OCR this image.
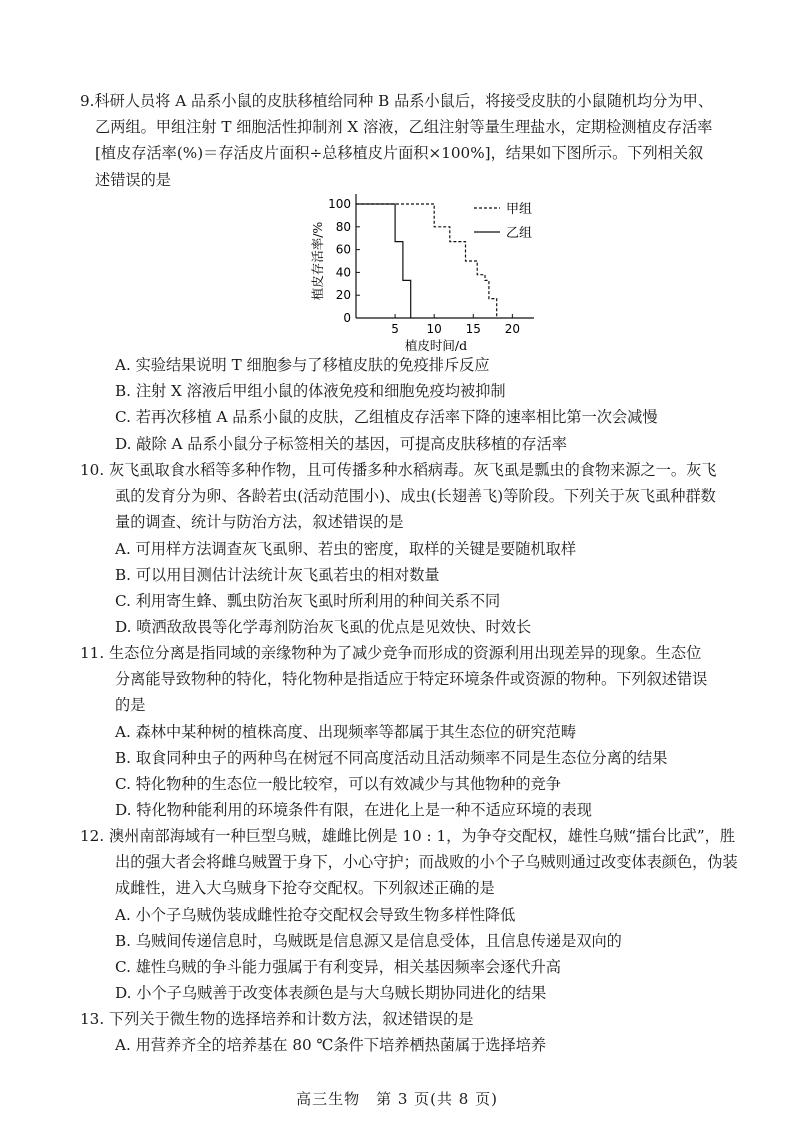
9.科研人员将 A 品系小鼠的皮肤移植给同种 B 品系小鼠后，将接受皮肤的小鼠随机均分为甲、
乙两组。甲组注射 T 细胞活性抑制剂 X 溶液，乙组注射等量生理盐水，定期检测植皮存活率
[植皮存活率(%)＝存活皮片面积÷总移植皮片面积×100%]，结果如下图所示。下列相关叙
述错误的是
0
20
40
60
80
100
5 10 15 20
植皮时间/d
植皮存活率/%
甲组
乙组
A. 实验结果说明 T 细胞参与了移植皮肤的免疫排斥反应
B. 注射 X 溶液后甲组小鼠的体液免疫和细胞免疫均被抑制
C. 若再次移植 A 品系小鼠的皮肤，乙组植皮存活率下降的速率相比第一次会减慢
D. 敲除 A 品系小鼠分子标签相关的基因，可提高皮肤移植的存活率
10. 灰飞虱取食水稻等多种作物，且可传播多种水稻病毒。灰飞虱是瓢虫的食物来源之一。灰飞
虱的发育分为卵、各龄若虫(活动范围小)、成虫(长翅善飞)等阶段。下列关于灰飞虱种群数
量的调查、统计与防治方法，叙述错误的是
A. 可用样方法调查灰飞虱卵、若虫的密度，取样的关键是要随机取样
B. 可以用目测估计法统计灰飞虱若虫的相对数量
C. 利用寄生蜂、瓢虫防治灰飞虱时所利用的种间关系不同
D. 喷洒敌敌畏等化学毒剂防治灰飞虱的优点是见效快、时效长
11. 生态位分离是指同域的亲缘物种为了减少竞争而形成的资源利用出现差异的现象。生态位
分离能导致物种的特化，特化物种是指适应于特定环境条件或资源的物种。下列叙述错误
的是
A. 森林中某种树的植株高度、出现频率等都属于其生态位的研究范畴
B. 取食同种虫子的两种鸟在树冠不同高度活动且活动频率不同是生态位分离的结果
C. 特化物种的生态位一般比较窄，可以有效减少与其他物种的竞争
D. 特化物种能利用的环境条件有限，在进化上是一种不适应环境的表现
12. 澳州南部海域有一种巨型乌贼，雄雌比例是 10 : 1，为争夺交配权，雄性乌贼“擂台比武”，胜
出的强大者会将雌乌贼置于身下，小心守护；而战败的小个子乌贼则通过改变体表颜色，伪装
成雌性，进入大乌贼身下抢夺交配权。下列叙述正确的是
A. 小个子乌贼伪装成雌性抢夺交配权会导致生物多样性降低
B. 乌贼间传递信息时，乌贼既是信息源又是信息受体，且信息传递是双向的
C. 雄性乌贼的争斗能力强属于有利变异，相关基因频率会逐代升高
D. 小个子乌贼善于改变体表颜色是与大乌贼长期协同进化的结果
13. 下列关于微生物的选择培养和计数方法，叙述错误的是
A. 用营养齐全的培养基在 80 ℃条件下培养栖热菌属于选择培养
高三生物　第 3 页(共 8 页)
